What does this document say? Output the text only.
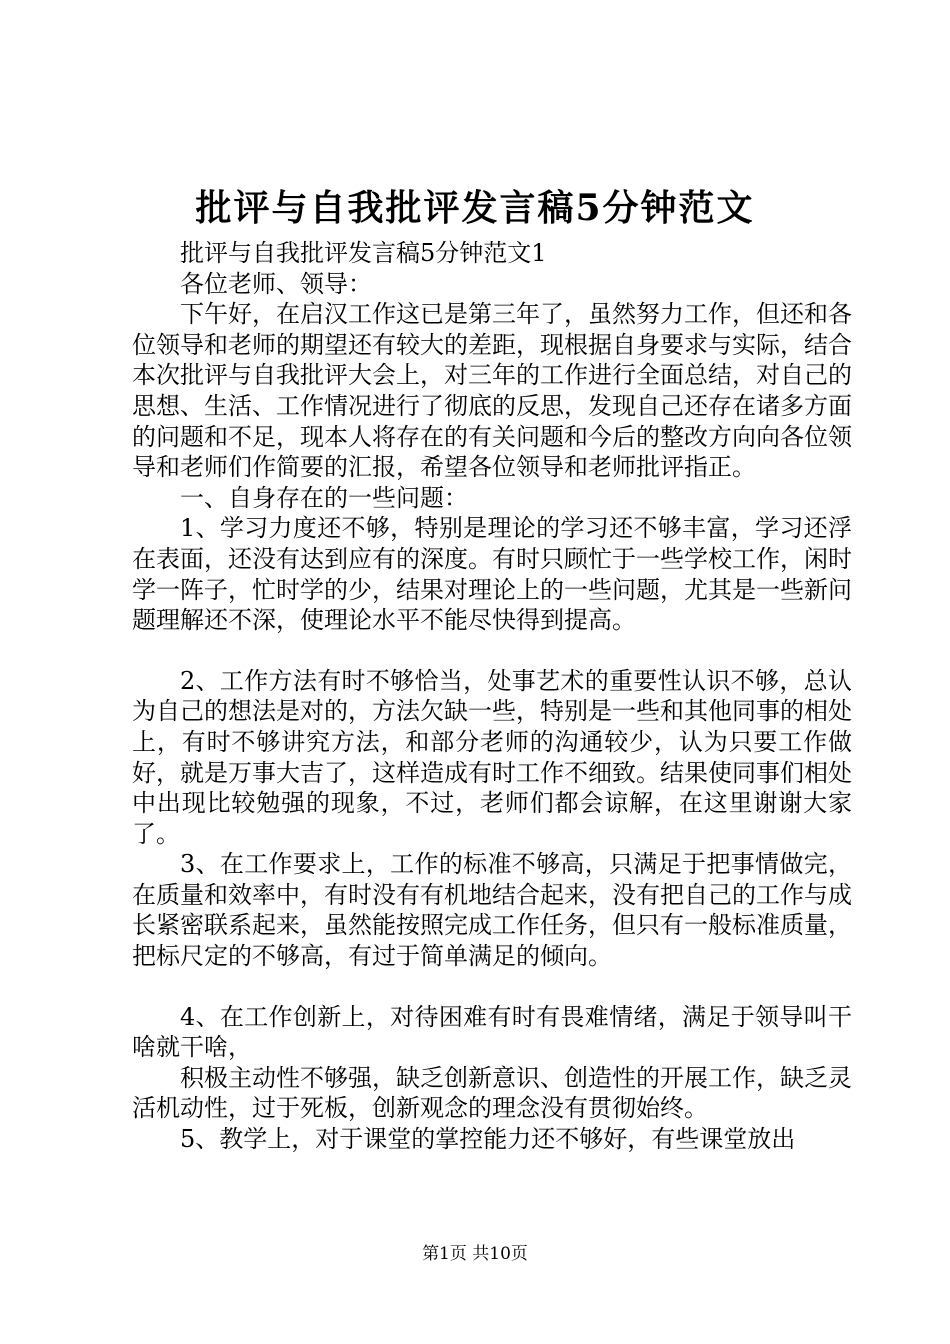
批评与自我批评发言稿5分钟范文

批评与自我批评发言稿5分钟范文1

各位老师、领导：

下午好，在启汉工作这已是第三年了，虽然努力工作，但还和各位领导和老师的期望还有较大的差距，现根据自身要求与实际，结合本次批评与自我批评大会上，对三年的工作进行全面总结，对自己的思想、生活、工作情况进行了彻底的反思，发现自己还存在诸多方面的问题和不足，现本人将存在的有关问题和今后的整改方向向各位领导和老师们作简要的汇报，希望各位领导和老师批评指正。

一、自身存在的一些问题：

1、学习力度还不够，特别是理论的学习还不够丰富，学习还浮在表面，还没有达到应有的深度。有时只顾忙于一些学校工作，闲时学一阵子，忙时学的少，结果对理论上的一些问题，尤其是一些新问题理解还不深，使理论水平不能尽快得到提高。

2、工作方法有时不够恰当，处事艺术的重要性认识不够，总认为自己的想法是对的，方法欠缺一些，特别是一些和其他同事的相处上，有时不够讲究方法，和部分老师的沟通较少，认为只要工作做好，就是万事大吉了，这样造成有时工作不细致。结果使同事们相处中出现比较勉强的现象，不过，老师们都会谅解，在这里谢谢大家了。

3、在工作要求上，工作的标准不够高，只满足于把事情做完，在质量和效率中，有时没有有机地结合起来，没有把自己的工作与成长紧密联系起来，虽然能按照完成工作任务，但只有一般标准质量，把标尺定的不够高，有过于简单满足的倾向。

4、在工作创新上，对待困难有时有畏难情绪，满足于领导叫干啥就干啥，

积极主动性不够强，缺乏创新意识、创造性的开展工作，缺乏灵活机动性，过于死板，创新观念的理念没有贯彻始终。

5、教学上，对于课堂的掌控能力还不够好，有些课堂放出

第1页 共10页
